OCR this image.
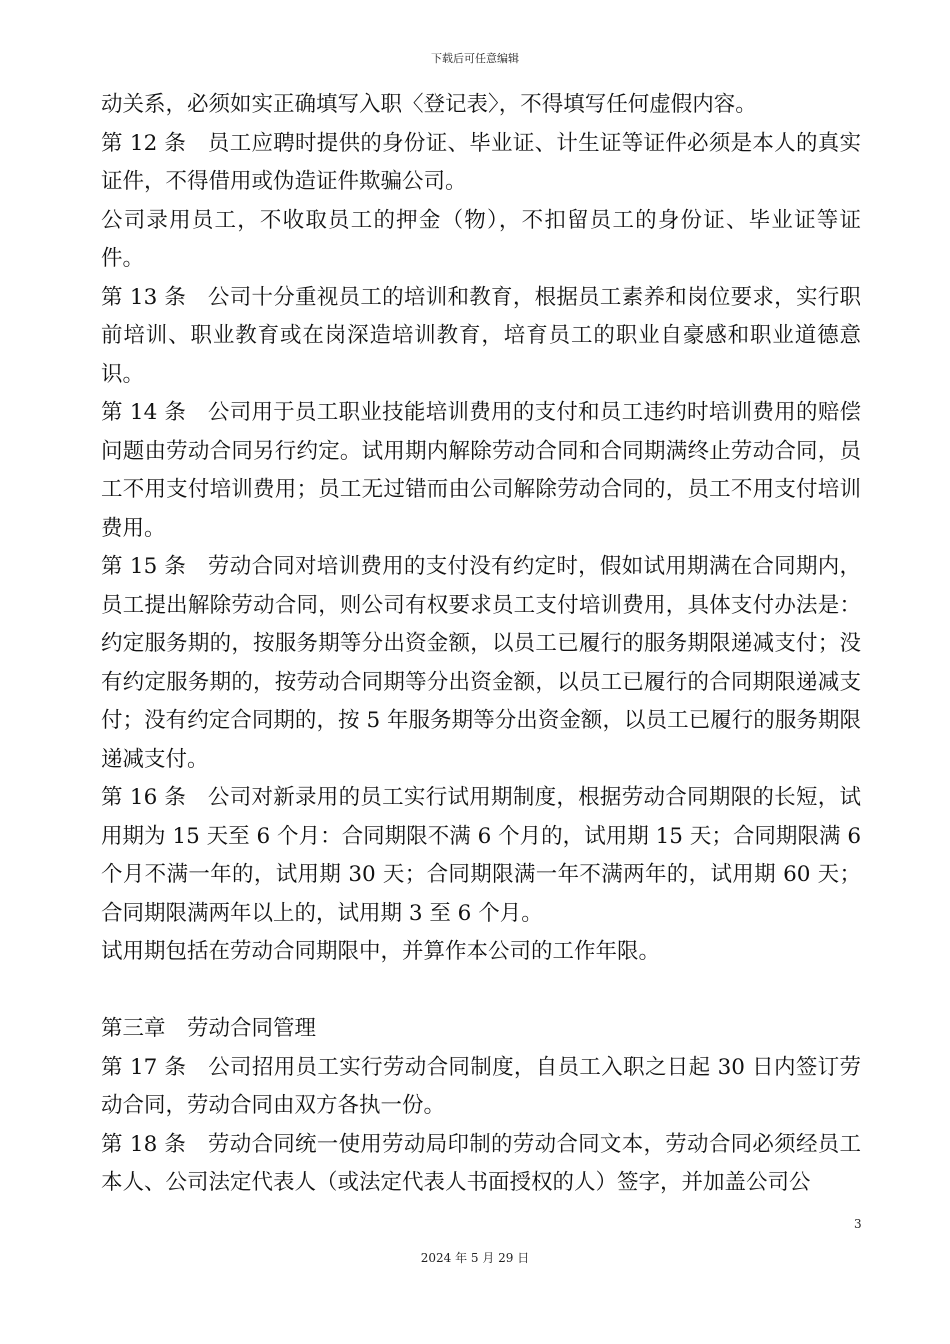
下载后可任意编辑

动关系，必须如实正确填写入职〈登记表〉，不得填写任何虚假内容。

第 12 条　员工应聘时提供的身份证、毕业证、计生证等证件必须是本人的真实证件，不得借用或伪造证件欺骗公司。

公司录用员工，不收取员工的押金（物），不扣留员工的身份证、毕业证等证件。

第 13 条　公司十分重视员工的培训和教育，根据员工素养和岗位要求，实行职前培训、职业教育或在岗深造培训教育，培育员工的职业自豪感和职业道德意识。

第 14 条　公司用于员工职业技能培训费用的支付和员工违约时培训费用的赔偿问题由劳动合同另行约定。试用期内解除劳动合同和合同期满终止劳动合同，员工不用支付培训费用；员工无过错而由公司解除劳动合同的，员工不用支付培训费用。

第 15 条　劳动合同对培训费用的支付没有约定时，假如试用期满在合同期内，员工提出解除劳动合同，则公司有权要求员工支付培训费用，具体支付办法是：约定服务期的，按服务期等分出资金额，以员工已履行的服务期限递减支付；没有约定服务期的，按劳动合同期等分出资金额，以员工已履行的合同期限递减支付；没有约定合同期的，按 5 年服务期等分出资金额，以员工已履行的服务期限递减支付。

第 16 条　公司对新录用的员工实行试用期制度，根据劳动合同期限的长短，试用期为 15 天至 6 个月：合同期限不满 6 个月的，试用期 15 天；合同期限满 6 个月不满一年的，试用期 30 天；合同期限满一年不满两年的，试用期 60 天；合同期限满两年以上的，试用期 3 至 6 个月。

试用期包括在劳动合同期限中，并算作本公司的工作年限。

第三章　劳动合同管理

第 17 条　公司招用员工实行劳动合同制度，自员工入职之日起 30 日内签订劳动合同，劳动合同由双方各执一份。

第 18 条　劳动合同统一使用劳动局印制的劳动合同文本，劳动合同必须经员工本人、公司法定代表人（或法定代表人书面授权的人）签字，并加盖公司公

3
2024 年 5 月 29 日
